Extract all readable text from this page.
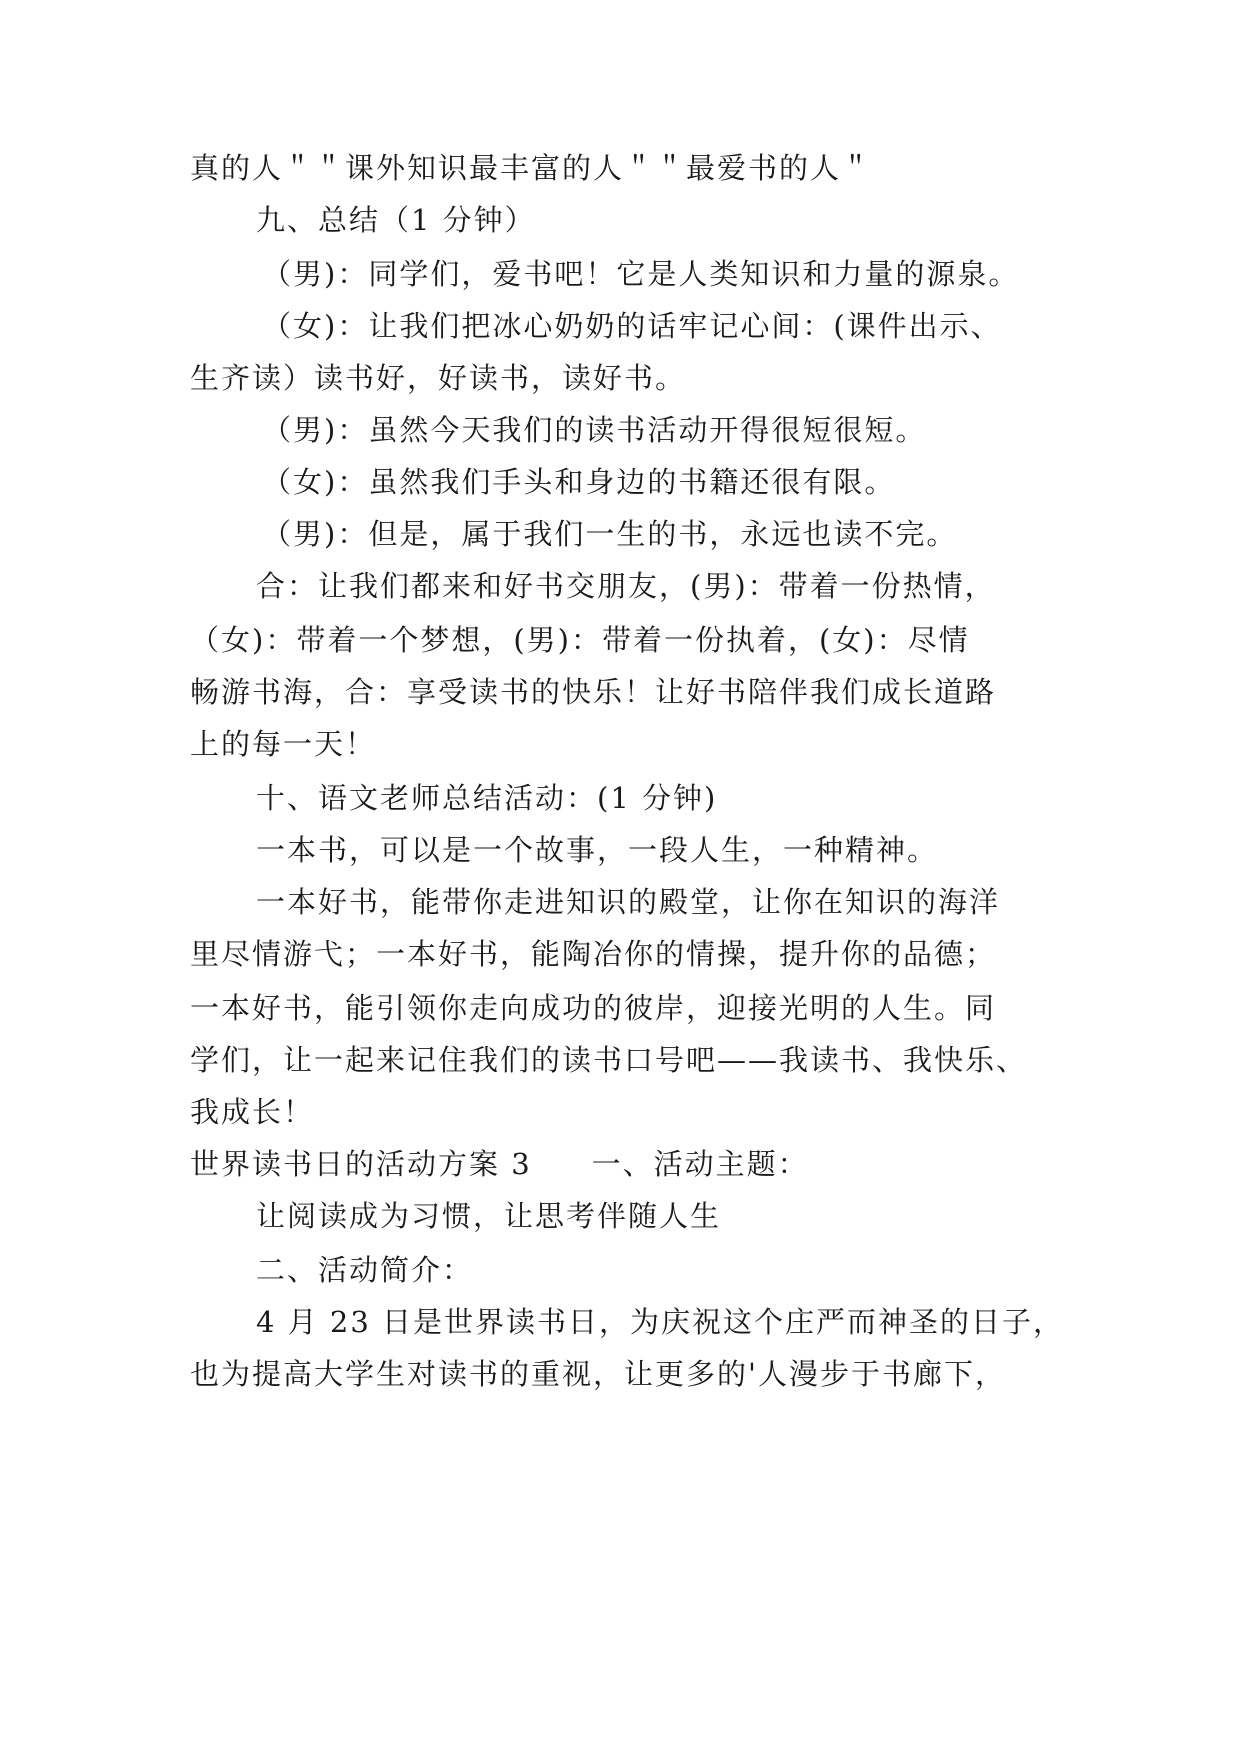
真的人＂＂课外知识最丰富的人＂＂最爱书的人＂
九、总结（1 分钟）
（男)：同学们，爱书吧！它是人类知识和力量的源泉。
（女)：让我们把冰心奶奶的话牢记心间：(课件出示、
生齐读）读书好，好读书，读好书。
（男)：虽然今天我们的读书活动开得很短很短。
（女)：虽然我们手头和身边的书籍还很有限。
（男)：但是，属于我们一生的书，永远也读不完。
合：让我们都来和好书交朋友，(男)：带着一份热情，
（女)：带着一个梦想，(男)：带着一份执着，(女)：尽情
畅游书海，合：享受读书的快乐！让好书陪伴我们成长道路
上的每一天！
十、语文老师总结活动：(1 分钟)
一本书，可以是一个故事，一段人生，一种精神。
一本好书，能带你走进知识的殿堂，让你在知识的海洋
里尽情游弋；一本好书，能陶冶你的情操，提升你的品德；
一本好书，能引领你走向成功的彼岸，迎接光明的人生。同
学们，让一起来记住我们的读书口号吧——我读书、我快乐、
我成长！
世界读书日的活动方案 3 一、活动主题：
让阅读成为习惯，让思考伴随人生
二、活动简介：
4 月 23 日是世界读书日，为庆祝这个庄严而神圣的日子，
也为提高大学生对读书的重视，让更多的'人漫步于书廊下，
